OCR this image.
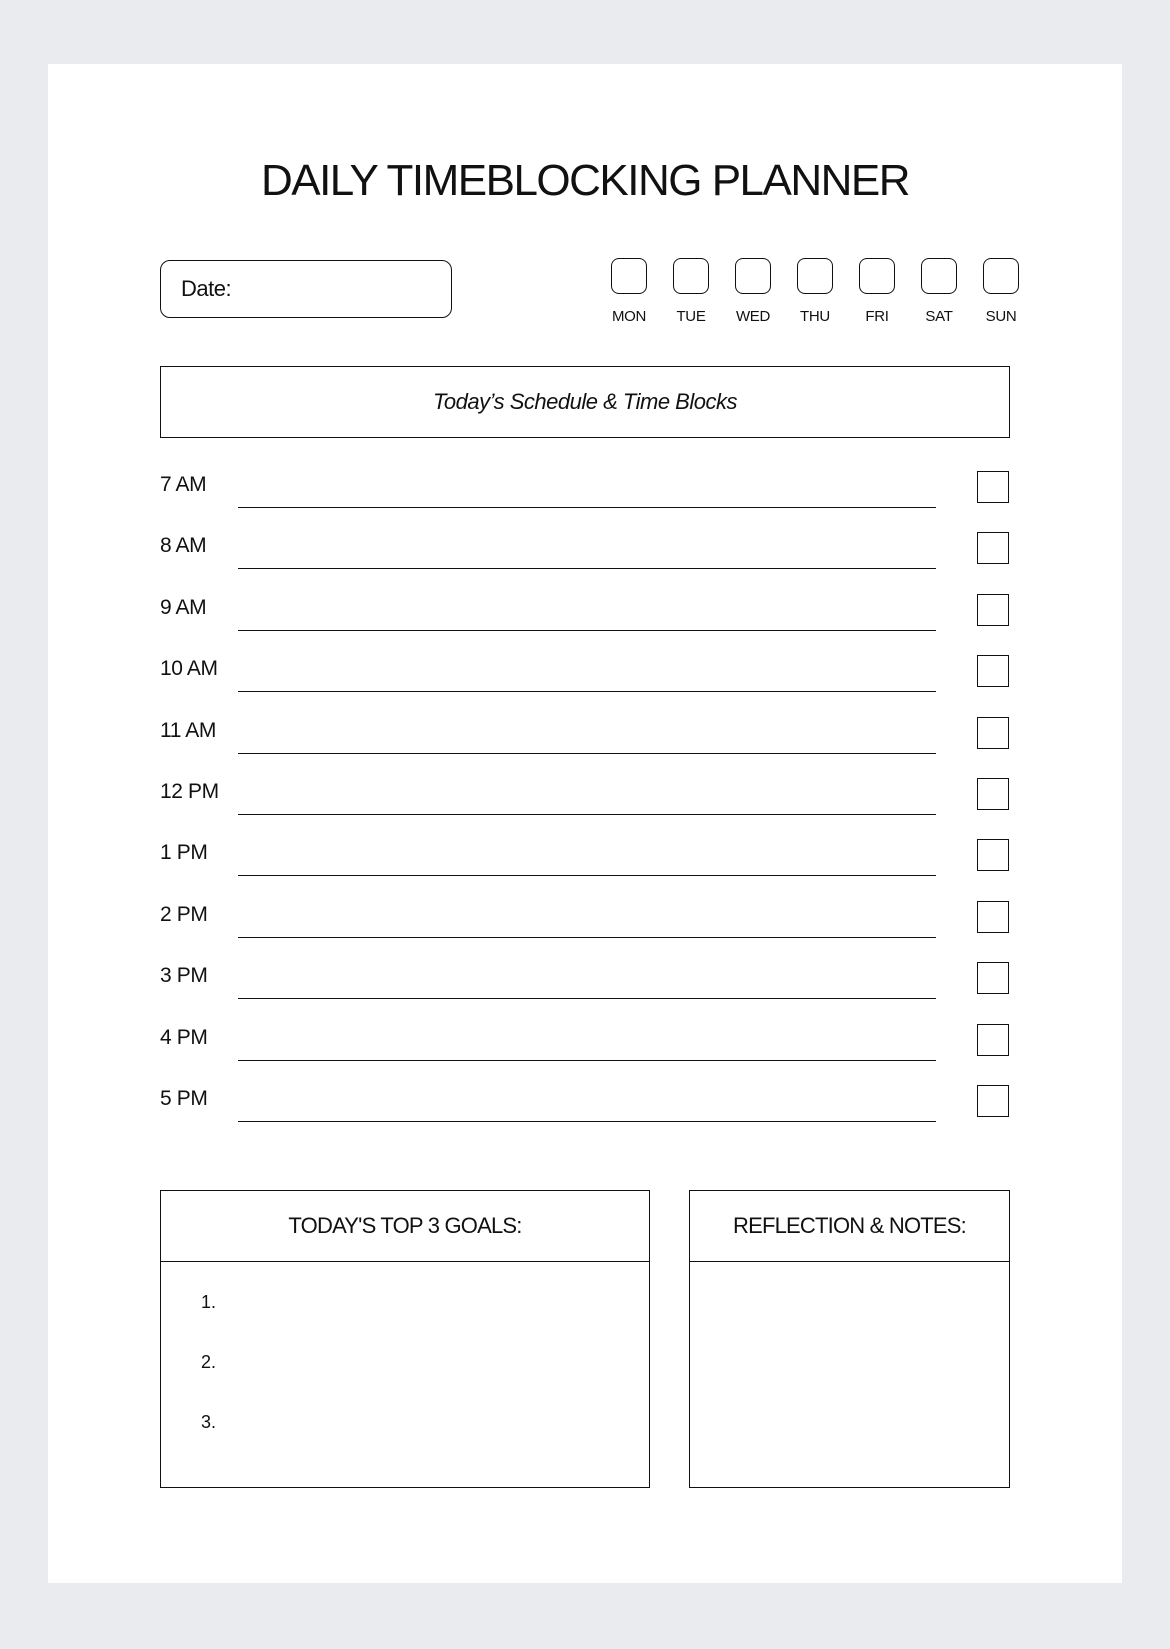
DAILY TIMEBLOCKING PLANNER
Date:
MON TUE WED THU FRI SAT SUN
Today’s Schedule & Time Blocks
7 AM
8 AM
9 AM
10 AM
11 AM
12 PM
1 PM
2 PM
3 PM
4 PM
5 PM
TODAY'S TOP 3 GOALS:
1.
2.
3.
REFLECTION & NOTES:
